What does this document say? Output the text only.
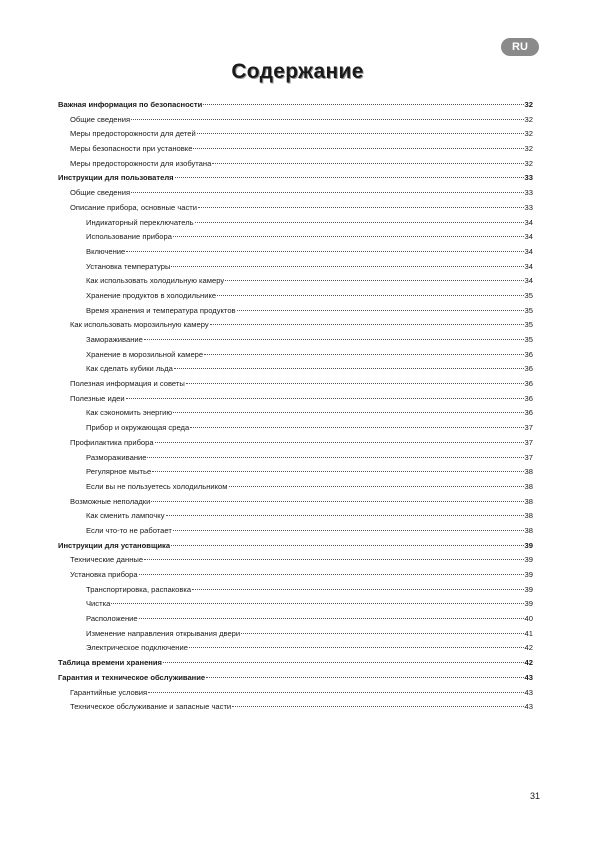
RU
Содержание
Важная информация по безопасности	32
Общие сведения	32
Меры предосторожности для детей	32
Меры безопасности при установке	32
Меры предосторожности для изобутана	32
Инструкции для пользователя	33
Общие сведения	33
Описание прибора, основные части	33
Индикаторный переключатель	34
Использование прибора	34
Включение	34
Установка температуры	34
Как использовать холодильную камеру	34
Хранение продуктов в холодильнике	35
Время хранения и температура продуктов	35
Как использовать морозильную камеру	35
Замораживание	35
Хранение в морозильной камере	36
Как сделать кубики льда	36
Полезная информация и советы	36
Полезные идеи	36
Как сэкономить энергию	36
Прибор и окружающая среда	37
Профилактика прибора	37
Размораживание	37
Регулярное мытье	38
Если вы не пользуетесь холодильником	38
Возможные неполадки	38
Как сменить лампочку	38
Если что-то не работает	38
Инструкции для установщика	39
Технические данные	39
Установка прибора	39
Транспортировка, распаковка	39
Чистка	39
Расположение	40
Изменение направления открывания двери	41
Электрическое подключение	42
Таблица времени хранения	42
Гарантия и техническое обслуживание	43
Гарантийные условия	43
Техническое обслуживание и запасные части	43
31
